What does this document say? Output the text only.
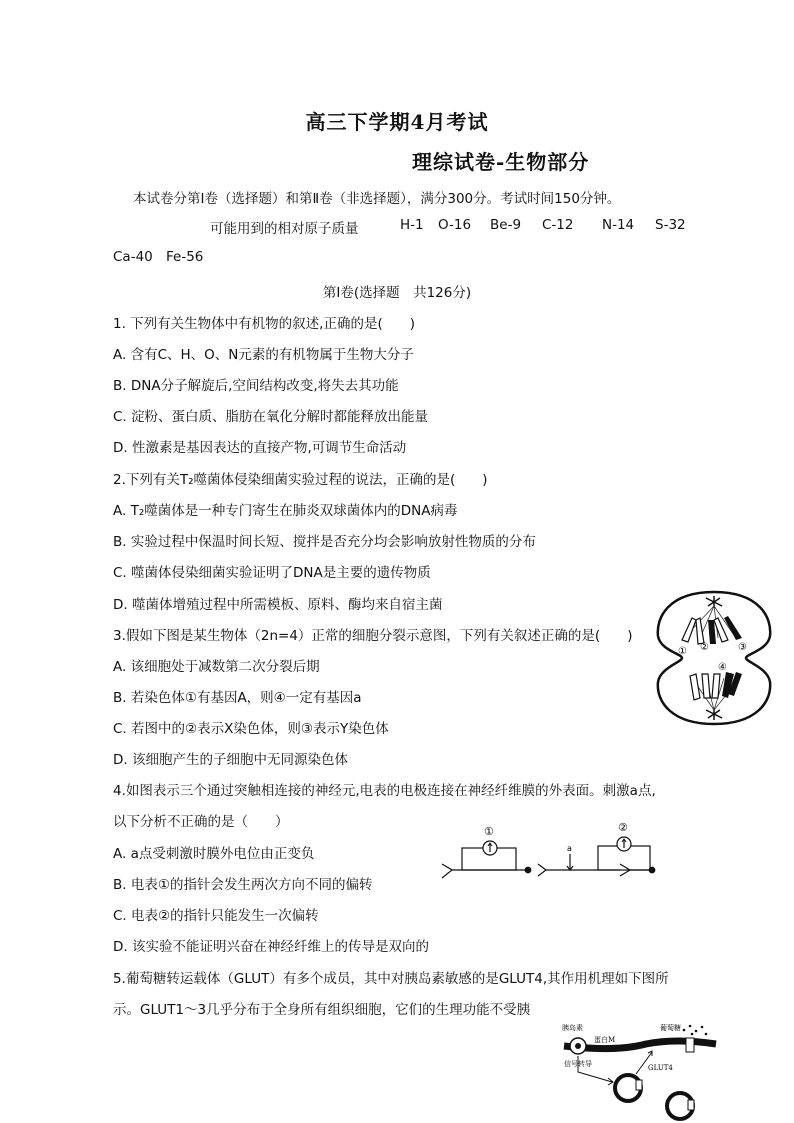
高三下学期4月考试
理综试卷-生物部分
本试卷分第Ⅰ卷（选择题）和第Ⅱ卷（非选择题），满分300分。考试时间150分钟。
可能用到的相对原子质量	H-1 O-16 Be-9 C-12 N-14 S-32
Ca-40 Fe-56
第Ⅰ卷(选择题　共126分)
1. 下列有关生物体中有机物的叙述,正确的是(　　)
A. 含有C、H、O、N元素的有机物属于生物大分子
B. DNA分子解旋后,空间结构改变,将失去其功能
C. 淀粉、蛋白质、脂肪在氧化分解时都能释放出能量
D. 性激素是基因表达的直接产物,可调节生命活动
2.下列有关T₂噬菌体侵染细菌实验过程的说法，正确的是(　　)
A. T₂噬菌体是一种专门寄生在肺炎双球菌体内的DNA病毒
B. 实验过程中保温时间长短、搅拌是否充分均会影响放射性物质的分布
C. 噬菌体侵染细菌实验证明了DNA是主要的遗传物质
D. 噬菌体增殖过程中所需模板、原料、酶均来自宿主菌
3.假如下图是某生物体（2n=4）正常的细胞分裂示意图，下列有关叙述正确的是(　　)
A. 该细胞处于减数第二次分裂后期
B. 若染色体①有基因A，则④一定有基因a
C. 若图中的②表示X染色体，则③表示Y染色体
D. 该细胞产生的子细胞中无同源染色体
① ②	③
④
4.如图表示三个通过突触相连接的神经元,电表的电极连接在神经纤维膜的外表面。刺激a点,
以下分析不正确的是（　　）
A. a点受刺激时膜外电位由正变负
B. 电表①的指针会发生两次方向不同的偏转
C. 电表②的指针只能发生一次偏转
D. 该实验不能证明兴奋在神经纤维上的传导是双向的
①	②
a
5.葡萄糖转运载体（GLUT）有多个成员，其中对胰岛素敏感的是GLUT4,其作用机理如下图所
示。GLUT1～3几乎分布于全身所有组织细胞，它们的生理功能不受胰
胰岛素	葡萄糖
蛋白M
信号转导	GLUT4
